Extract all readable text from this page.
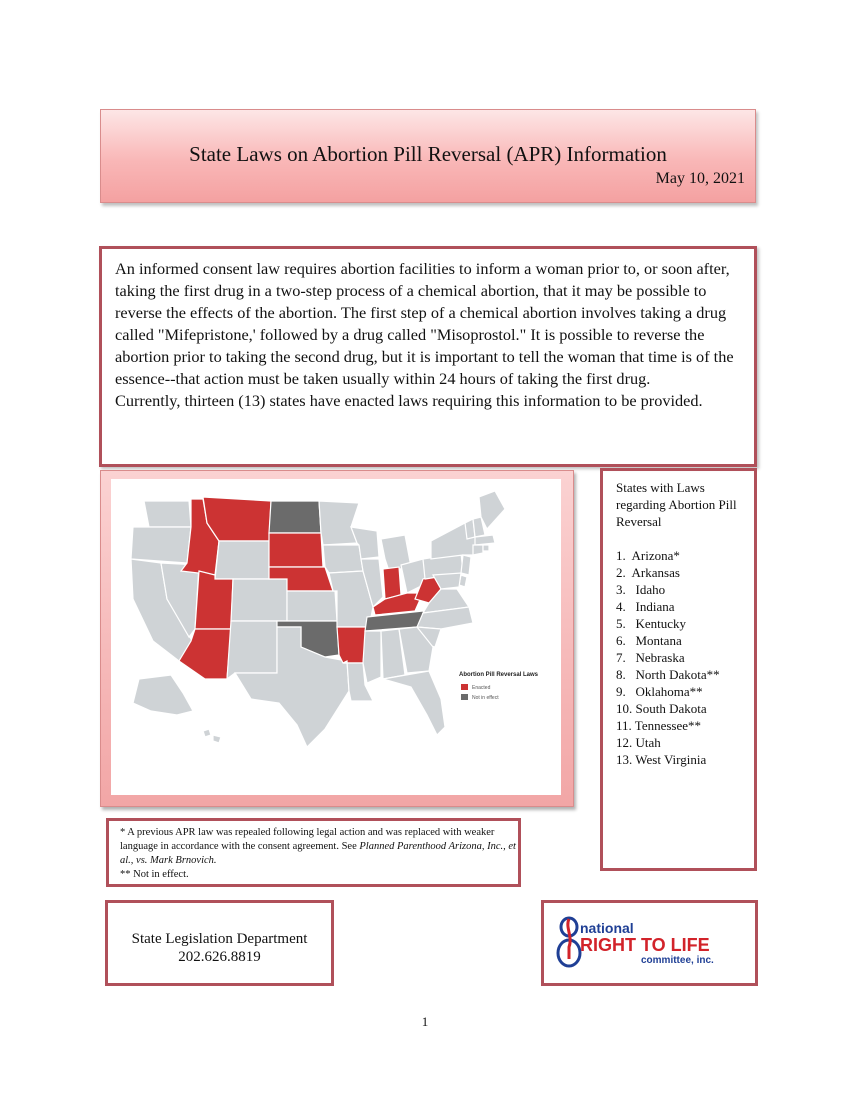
State Laws on Abortion Pill Reversal (APR) Information
May 10, 2021

An informed consent law requires abortion facilities to inform a woman prior to, or soon after, taking the first drug in a two-step process of a chemical abortion, that it may be possible to reverse the effects of the abortion. The first step of a chemical abortion involves taking a drug called "Mifepristone,' followed by a drug called "Misoprostol." It is possible to reverse the abortion prior to taking the second drug, but it is important to tell the woman that time is of the essence--that action must be taken usually within 24 hours of taking the first drug.

Currently, thirteen (13) states have enacted laws requiring this information to be provided.

Abortion Pill Reversal Laws
Enacted
Not in effect

States with Laws regarding Abortion Pill Reversal

1.  Arizona*
2.  Arkansas
3.   Idaho
4.   Indiana
5.   Kentucky
6.   Montana
7.   Nebraska
8.   North Dakota**
9.   Oklahoma**
10. South Dakota
11. Tennessee**
12. Utah
13. West Virginia

* A previous APR law was repealed following legal action and was replaced with weaker language in accordance with the consent agreement. See Planned Parenthood Arizona, Inc., et al., vs. Mark Brnovich.

** Not in effect.

State Legislation Department
202.626.8819
national
RIGHT TO LIFE
committee, inc.
1
